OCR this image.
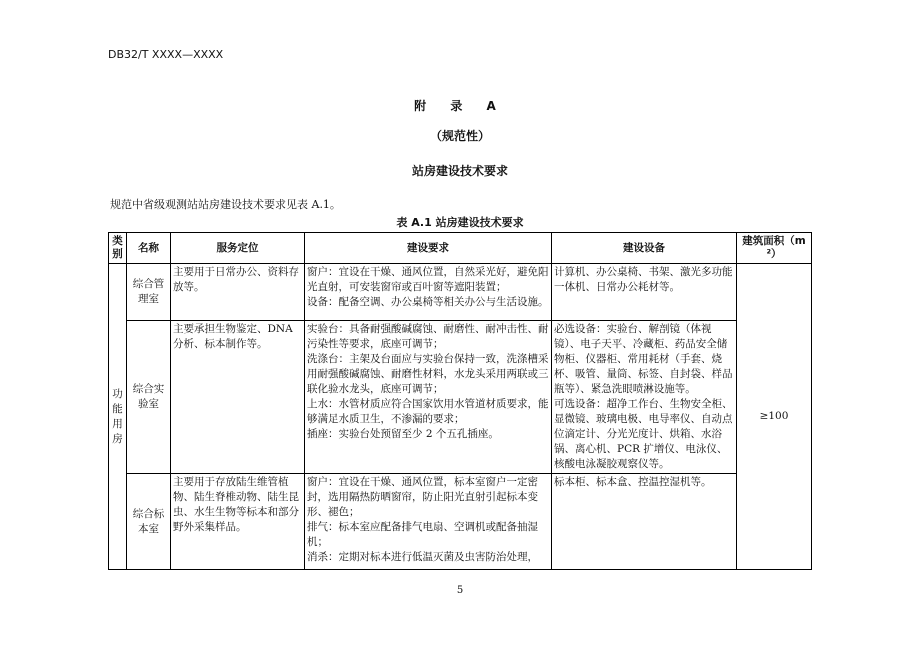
DB32/T XXXX—XXXX
附 录 A
（规范性）
站房建设技术要求
规范中省级观测站站房建设技术要求见表 A.1。
表 A.1 站房建设技术要求
类别	名称	服务定位	建设要求	建设设备	建筑面积（m²）
功能用房	综合管理室	主要用于日常办公、资料存放等。	窗户：宜设在干燥、通风位置，自然采光好，避免阳光直射，可安装窗帘或百叶窗等遮阳装置；
设备：配备空调、办公桌椅等相关办公与生活设施。	计算机、办公桌椅、书架、激光多功能一体机、日常办公耗材等。	≥100
	综合实验室	主要承担生物鉴定、DNA分析、标本制作等。	实验台：具备耐强酸碱腐蚀、耐磨性、耐冲击性、耐污染性等要求，底座可调节；
洗涤台：主架及台面应与实验台保持一致，洗涤槽采用耐强酸碱腐蚀、耐磨性材料，水龙头采用两联或三联化验水龙头，底座可调节；
上水：水管材质应符合国家饮用水管道材质要求，能够满足水质卫生，不渗漏的要求；
插座：实验台处预留至少 2 个五孔插座。	必选设备：实验台、解剖镜（体视镜）、电子天平、冷藏柜、药品安全储物柜、仪器柜、常用耗材（手套、烧杯、吸管、量筒、标签、自封袋、样品瓶等）、紧急洗眼喷淋设施等。
可选设备：超净工作台、生物安全柜、显微镜、玻璃电极、电导率仪、自动点位滴定计、分光光度计、烘箱、水浴锅、离心机、PCR 扩增仪、电泳仪、核酸电泳凝胶观察仪等。	

	综合标本室	主要用于存放陆生维管植物、陆生脊椎动物、陆生昆虫、水生生物等标本和部分野外采集样品。	窗户：宜设在干燥、通风位置，标本室窗户一定密封，选用隔热防晒窗帘，防止阳光直射引起标本变形、褪色；
排气：标本室应配备排气电扇、空调机或配备抽湿机；
消杀：定期对标本进行低温灭菌及虫害防治处理，	标本柜、标本盒、控温控湿机等。	
5
